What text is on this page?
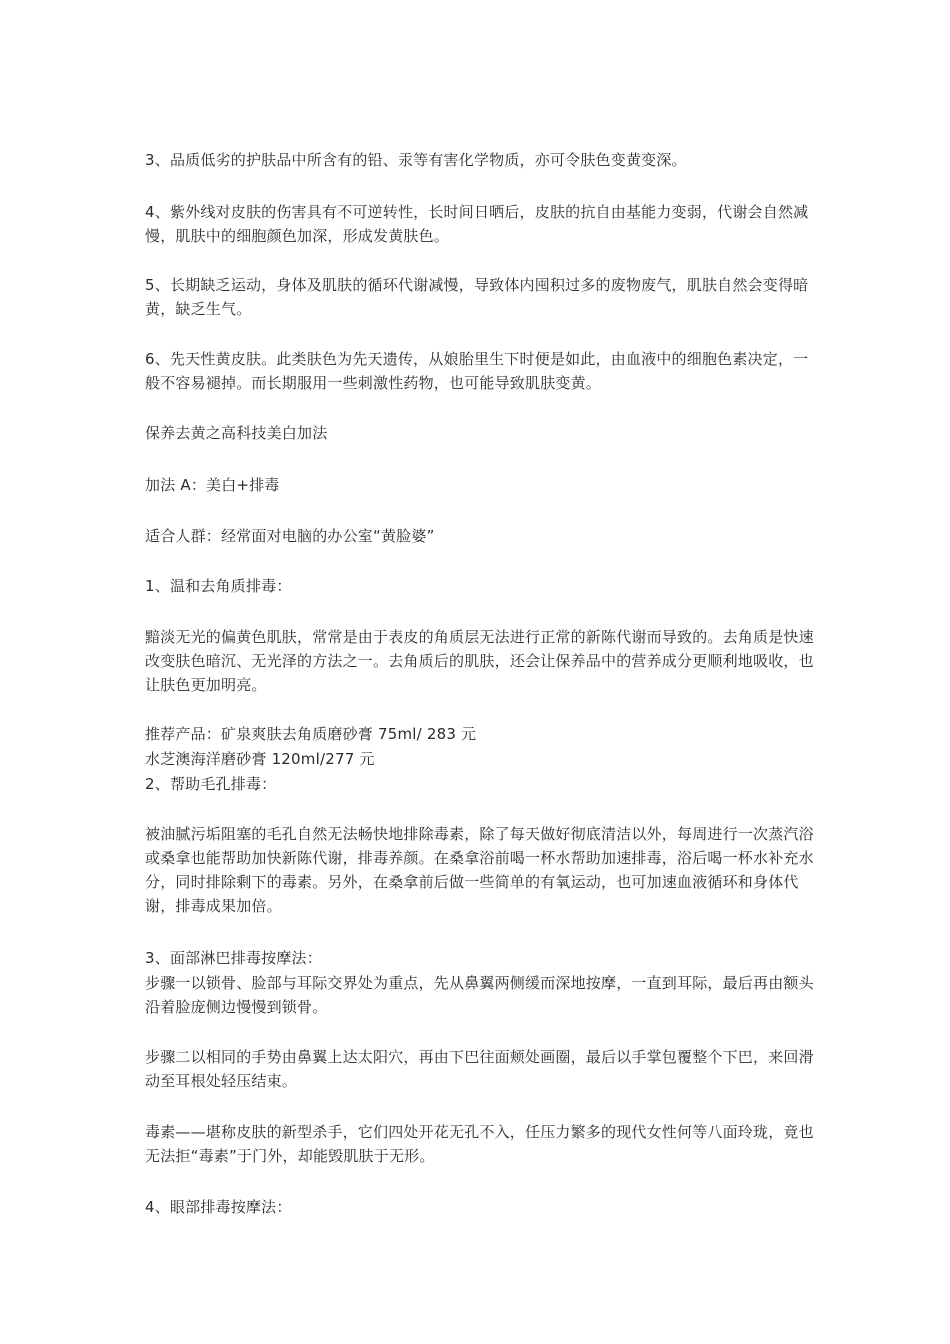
3、品质低劣的护肤品中所含有的铅、汞等有害化学物质，亦可令肤色变黄变深。

4、紫外线对皮肤的伤害具有不可逆转性，长时间日晒后，皮肤的抗自由基能力变弱，代谢会自然减慢，肌肤中的细胞颜色加深，形成发黄肤色。

5、长期缺乏运动，身体及肌肤的循环代谢减慢，导致体内囤积过多的废物废气，肌肤自然会变得暗黄，缺乏生气。

6、先天性黄皮肤。此类肤色为先天遗传，从娘胎里生下时便是如此，由血液中的细胞色素决定，一般不容易褪掉。而长期服用一些刺激性药物，也可能导致肌肤变黄。

保养去黄之高科技美白加法

加法 A：美白+排毒

适合人群：经常面对电脑的办公室“黄脸婆”

1、温和去角质排毒：

黯淡无光的偏黄色肌肤，常常是由于表皮的角质层无法进行正常的新陈代谢而导致的。去角质是快速改变肤色暗沉、无光泽的方法之一。去角质后的肌肤，还会让保养品中的营养成分更顺利地吸收，也让肤色更加明亮。

推荐产品：矿泉爽肤去角质磨砂膏 75ml/ 283 元

水芝澳海洋磨砂膏 120ml/277 元

2、帮助毛孔排毒：

被油腻污垢阻塞的毛孔自然无法畅快地排除毒素，除了每天做好彻底清洁以外，每周进行一次蒸汽浴或桑拿也能帮助加快新陈代谢，排毒养颜。在桑拿浴前喝一杯水帮助加速排毒，浴后喝一杯水补充水分，同时排除剩下的毒素。另外，在桑拿前后做一些简单的有氧运动，也可加速血液循环和身体代谢，排毒成果加倍。

3、面部淋巴排毒按摩法：

步骤一以锁骨、脸部与耳际交界处为重点，先从鼻翼两侧缓而深地按摩，一直到耳际，最后再由额头沿着脸庞侧边慢慢到锁骨。

步骤二以相同的手势由鼻翼上达太阳穴，再由下巴往面颊处画圈，最后以手掌包覆整个下巴，来回滑动至耳根处轻压结束。

毒素——堪称皮肤的新型杀手，它们四处开花无孔不入，任压力繁多的现代女性何等八面玲珑，竟也无法拒“毒素”于门外，却能毁肌肤于无形。

4、眼部排毒按摩法：
